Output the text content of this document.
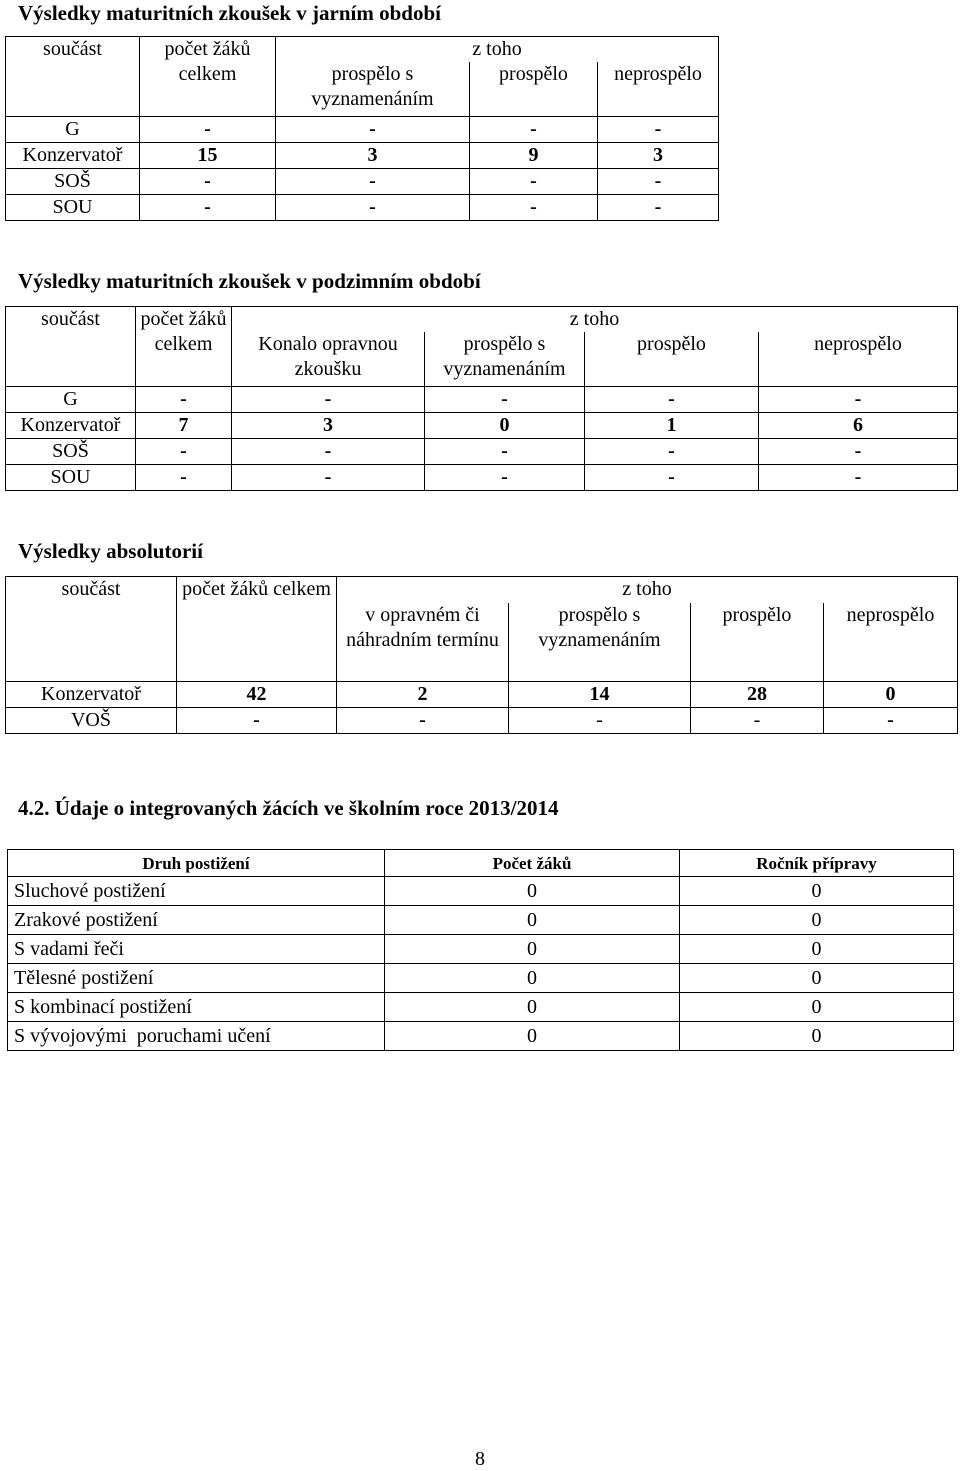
Výsledky maturitních zkoušek v jarním období
součást	počet žáků celkem	z toho		
		prospělo s vyznamenáním	prospělo	neprospělo
G	-	-	-	-
Konzervatoř	15	3	9	3
SOŠ	-	-	-	-
SOU	-	-	-	-
Výsledky maturitních zkoušek v podzimním období
součást	počet žáků celkem	z toho			
		Konalo opravnou zkoušku	prospělo s vyznamenáním	prospělo	neprospělo
G	-	-	-	-	-
Konzervatoř	7	3	0	1	6
SOŠ	-	-	-	-	-
SOU	-	-	-	-	-
Výsledky absolutorií
součást	počet žáků celkem	z toho			
		v opravném či náhradním termínu	prospělo s vyznamenáním	prospělo	neprospělo
Konzervatoř	42	2	14	28	0
VOŠ	-	-	-	-	-
4.2. Údaje o integrovaných žácích ve školním roce 2013/2014
Druh postižení	Počet žáků	Ročník přípravy
Sluchové postižení	0	0
Zrakové postižení	0	0
S vadami řeči	0	0
Tělesné postižení	0	0
S kombinací postižení	0	0
S vývojovými  poruchami učení	0	0
8
